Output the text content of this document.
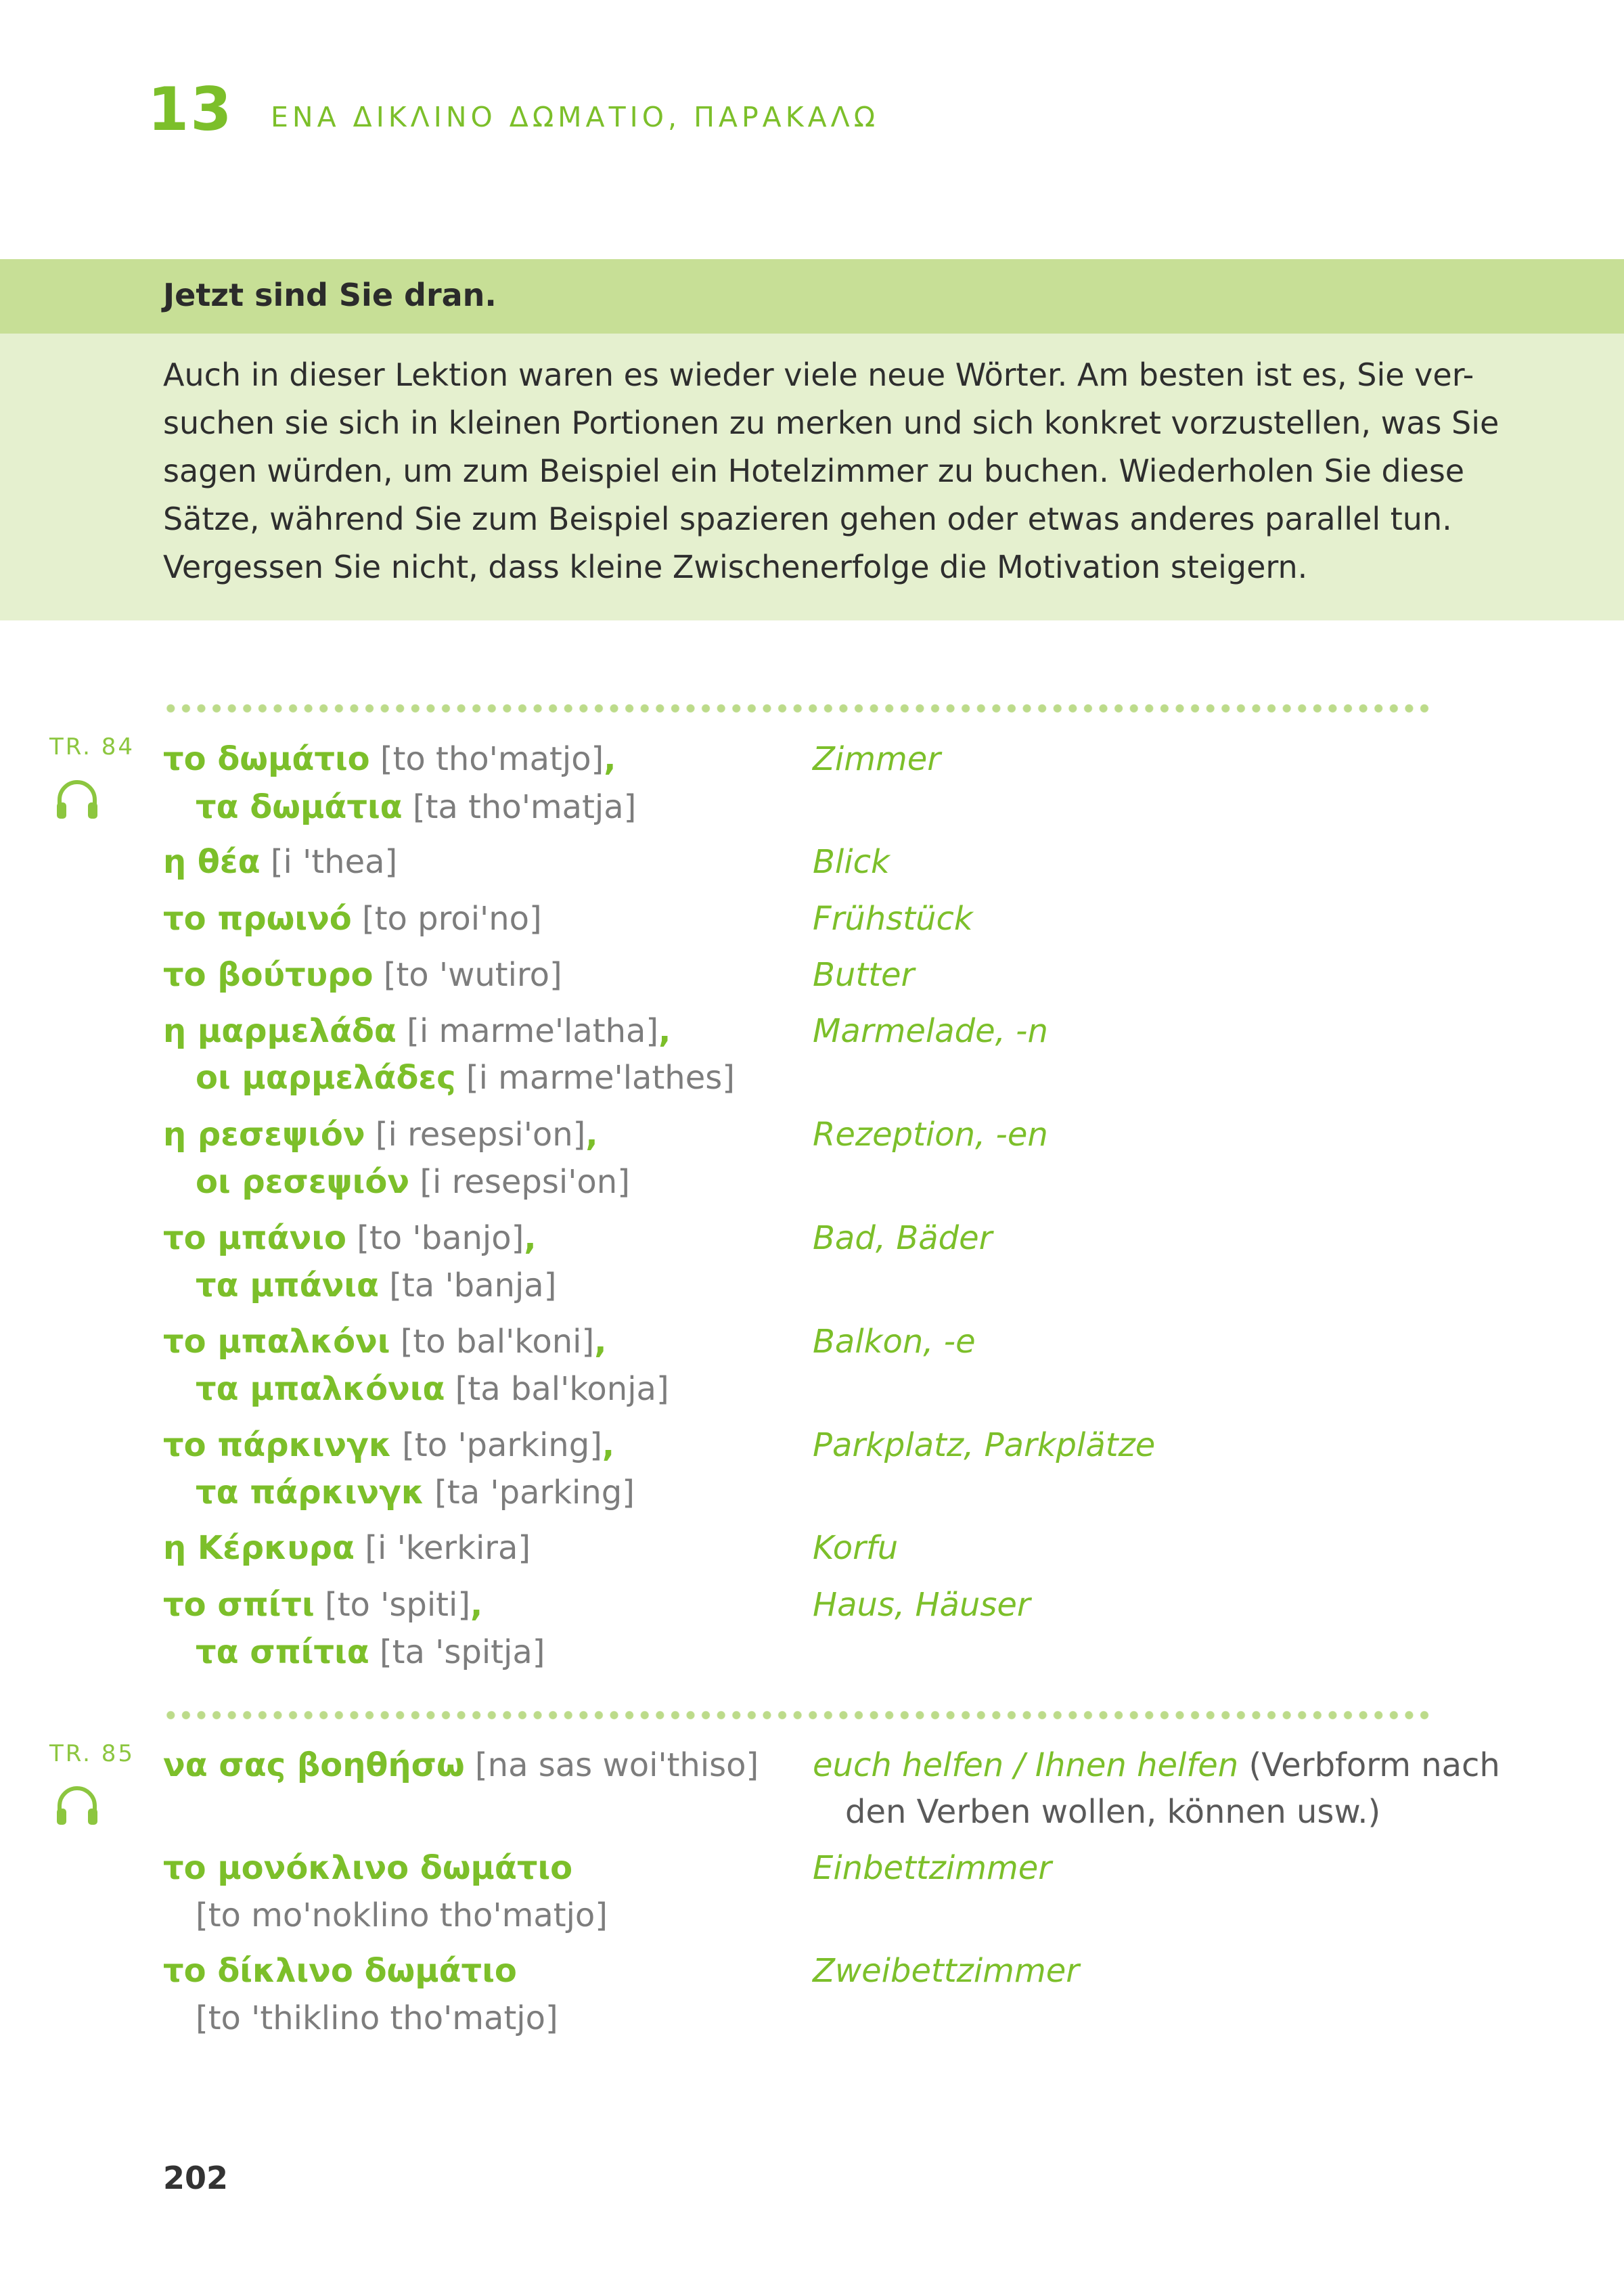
13 ΕΝΑ ΔΙΚΛΙΝΟ ΔΩΜΑΤΙΟ, ΠΑΡΑΚΑΛΩ
Jetzt sind Sie dran.
Auch in dieser Lektion waren es wieder viele neue Wörter. Am besten ist es, Sie ver-
suchen sie sich in kleinen Portionen zu merken und sich konkret vorzustellen, was Sie
sagen würden, um zum Beispiel ein Hotelzimmer zu buchen. Wiederholen Sie diese
Sätze, während Sie zum Beispiel spazieren gehen oder etwas anderes parallel tun.
Vergessen Sie nicht, dass kleine Zwischenerfolge die Motivation steigern.
TR. 84
TR. 85
το δωμάτιο [to tho'matjo],	Zimmer
τα δωμάτια [ta tho'matja]
η θέα [i 'thea]	Blick
το πρωινό [to proi'no]	Frühstück
το βούτυρο [to 'wutiro]	Butter
η μαρμελάδα [i marme'latha],	Marmelade, -n
οι μαρμελάδες [i marme'lathes]
η ρεσεψιόν [i resepsi'on],	Rezeption, -en
οι ρεσεψιόν [i resepsi'on]
το μπάνιο [to 'banjo],	Bad, Bäder
τα μπάνια [ta 'banja]
το μπαλκόνι [to bal'koni],	Balkon, -e
τα μπαλκόνια [ta bal'konja]
το πάρκινγκ [to 'parking],	Parkplatz, Parkplätze
τα πάρκινγκ [ta 'parking]
η Κέρκυρα [i 'kerkira]	Korfu
το σπίτι [to 'spiti],	Haus, Häuser
τα σπίτια [ta 'spitja]
να σας βοηθήσω [na sas woi'thiso] euch helfen / Ihnen helfen (Verbform nach
den Verben wollen, können usw.)
το μονόκλινο δωμάτιο	Einbettzimmer
[to mo'noklino tho'matjo]
το δίκλινο δωμάτιο	Zweibettzimmer
[to 'thiklino tho'matjo]
202
